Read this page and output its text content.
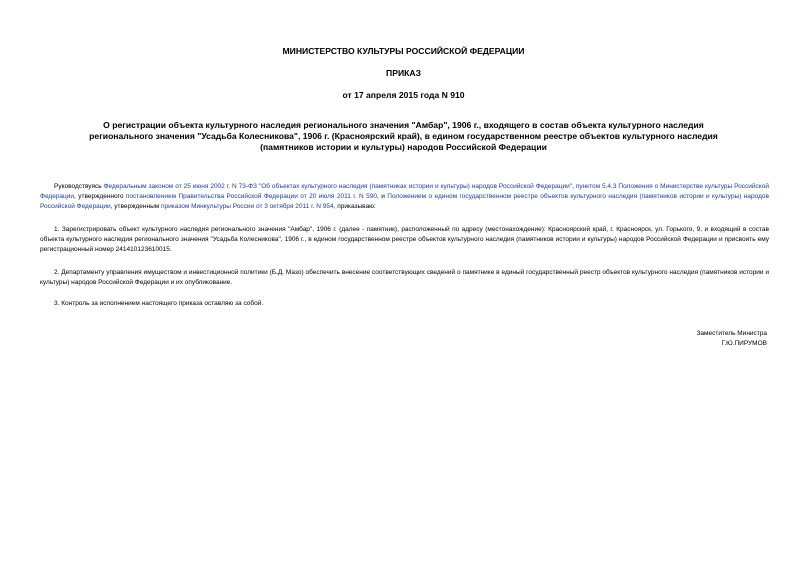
МИНИСТЕРСТВО КУЛЬТУРЫ РОССИЙСКОЙ ФЕДЕРАЦИИ
ПРИКАЗ
от 17 апреля 2015 года N 910
О регистрации объекта культурного наследия регионального значения "Амбар", 1906 г., входящего в состав объекта культурного наследия регионального значения "Усадьба Колесникова", 1906 г. (Красноярский край), в едином государственном реестре объектов культурного наследия (памятников истории и культуры) народов Российской Федерации

Руководствуясь Федеральным законом от 25 июня 2002 г. N 73-ФЗ "Об объектах культурного наследия (памятниках истории и культуры) народов Российской Федерации", пунктом 5.4.3 Положения о Министерстве культуры Российской Федерации, утвержденного постановлением Правительства Российской Федерации от 20 июля 2011 г. N 590, и Положением о едином государственном реестре объектов культурного наследия (памятников истории и культуры) народов Российской Федерации, утвержденным приказом Минкультуры России от 3 октября 2011 г. N 954, приказываю:

1. Зарегистрировать объект культурного наследия регионального значения "Амбар", 1906 г. (далее - памятник), расположенный по адресу (местонахождение): Красноярский край, г. Красноярск, ул. Горького, 9, и входящий в состав объекта культурного наследия регионального значения "Усадьба Колесникова", 1906 г., в едином государственном реестре объектов культурного наследия (памятников истории и культуры) народов Российской Федерации и присвоить ему регистрационный номер 241410123610015.

2. Департаменту управления имуществом и инвестиционной политики (Б.Д. Мазо) обеспечить внесение соответствующих сведений о памятнике в единый государственный реестр объектов культурного наследия (памятников истории и культуры) народов Российской Федерации и их опубликование.

3. Контроль за исполнением настоящего приказа оставляю за собой.

Заместитель Министра
Г.Ю.ПИРУМОВ
